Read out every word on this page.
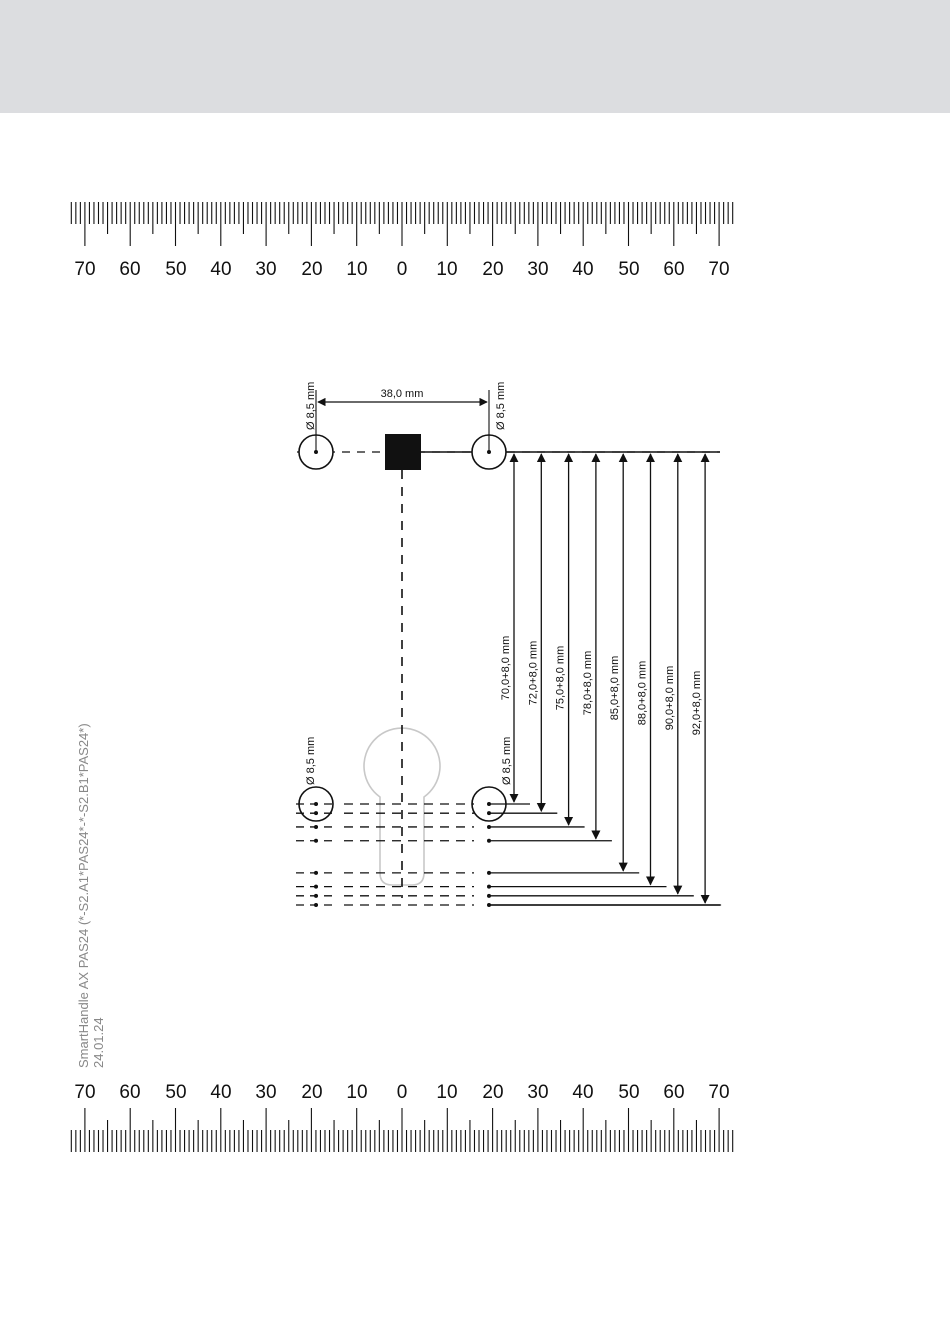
70 60 50 40 30 20 10 0 10 20 30 40 50 60 70
70 60 50 40 30 20 10 0 10 20 30 40 50 60 70
38,0 mm
Ø 8,5 mm	Ø 8,5 mm
Ø 8,5 mm	Ø 8,5 mm
70,0+8,0 mm 72,0+8,0 mm 75,0+8,0 mm 78,0+8,0 mm 85,0+8,0 mm 88,0+8,0 mm 90,0+8,0 mm 92,0+8,0 mm
SmartHandle AX PAS24 (*-S2.A1*PAS24*-*-S2.B1*PAS24*) 24.01.24
